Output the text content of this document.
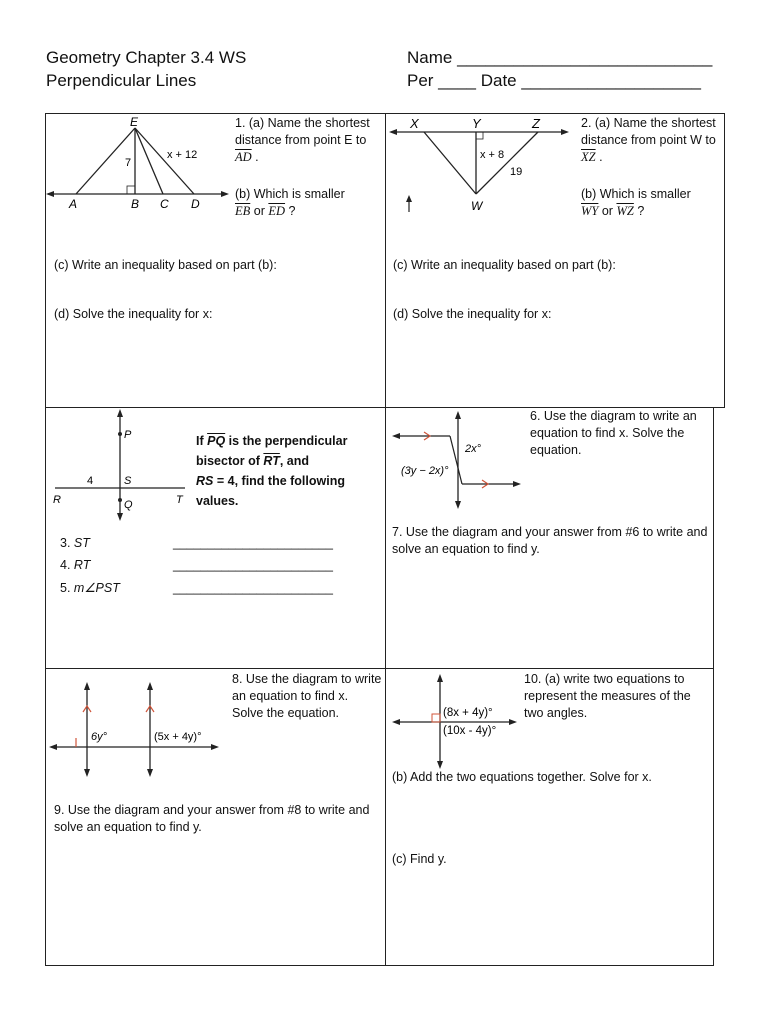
Geometry Chapter 3.4 WS
Perpendicular Lines
Name ___________________________
Per ____ Date ___________________
E
A	B C D
7
x + 12
1. (a) Name the shortest distance from point E to $\overline{AD}$ .
(b) Which is smaller
$\overline{EB}$ or $\overline{ED}$ ?
(c) Write an inequality based on part (b):
(d) Solve the inequality for x:
X	Y	Z
W
x + 8
19
2. (a) Name the shortest distance from point W to $\overline{XZ}$ .
(b) Which is smaller
$\overline{WY}$ or $\overline{WZ}$ ?
(c) Write an inequality based on part (b):
(d) Solve the inequality for x:
P
S
Q
R	T
4
If $\overline{PQ}$ is the perpendicular bisector of $\overline{RT}$, and
RS = 4, find the following values.
3. ST	_______________________
4. RT	_______________________
5. m∠PST	_______________________
2x°
(3y − 2x)°
6. Use the diagram to write an equation to find x. Solve the equation.
7. Use the diagram and your answer from #6 to write and solve an equation to find y.
6y°	(5x + 4y)°
8. Use the diagram to write an equation to find x. Solve the equation.
9. Use the diagram and your answer from #8 to write and solve an equation to find y.
(8x + 4y)°
(10x - 4y)°
10. (a) write two equations to represent the measures of the two angles.
(b) Add the two equations together. Solve for x.
(c) Find y.
